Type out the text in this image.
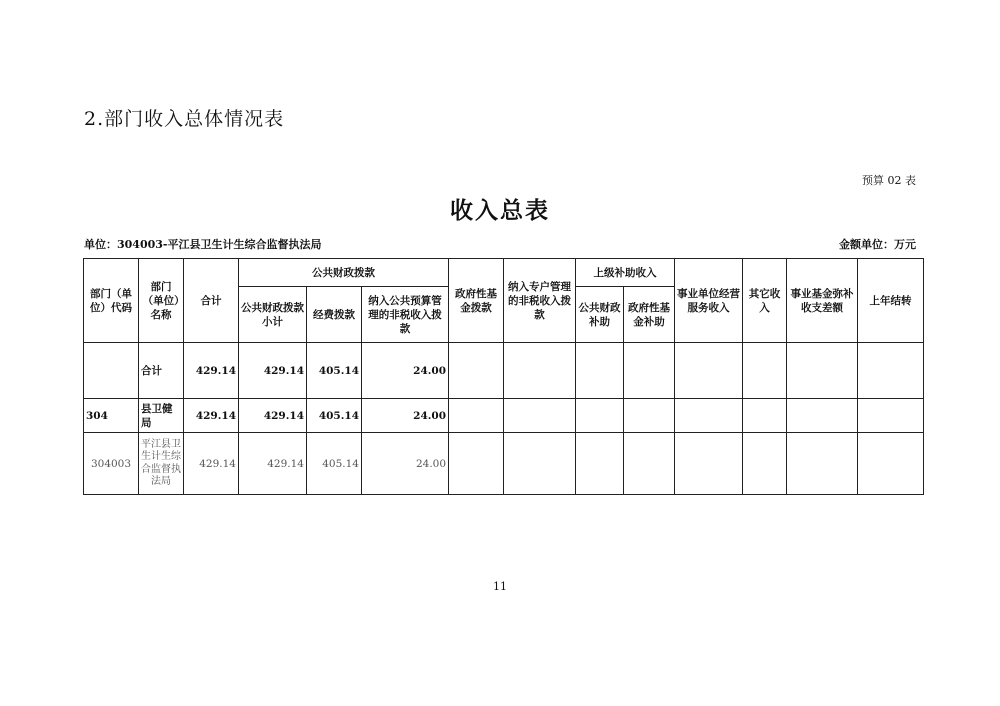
2.部门收入总体情况表
预算 02 表
收入总表
单位：304003-平江县卫生计生综合监督执法局	金额单位：万元
部门（单位）代码	部门（单位）名称	合计	公共财政拨款			政府性基金拨款	纳入专户管理的非税收入拨款	上级补助收入		事业单位经营服务收入	其它收入	事业基金弥补收支差额	上年结转
			公共财政拨款小计	经费拨款	纳入公共预算管理的非税收入拨款			公共财政补助	政府性基金补助				
	合计	429.14	429.14	405.14	24.00								
304	县卫健局	429.14	429.14	405.14	24.00								
304003	平江县卫生计生综合监督执法局	429.14	429.14	405.14	24.00								
11
